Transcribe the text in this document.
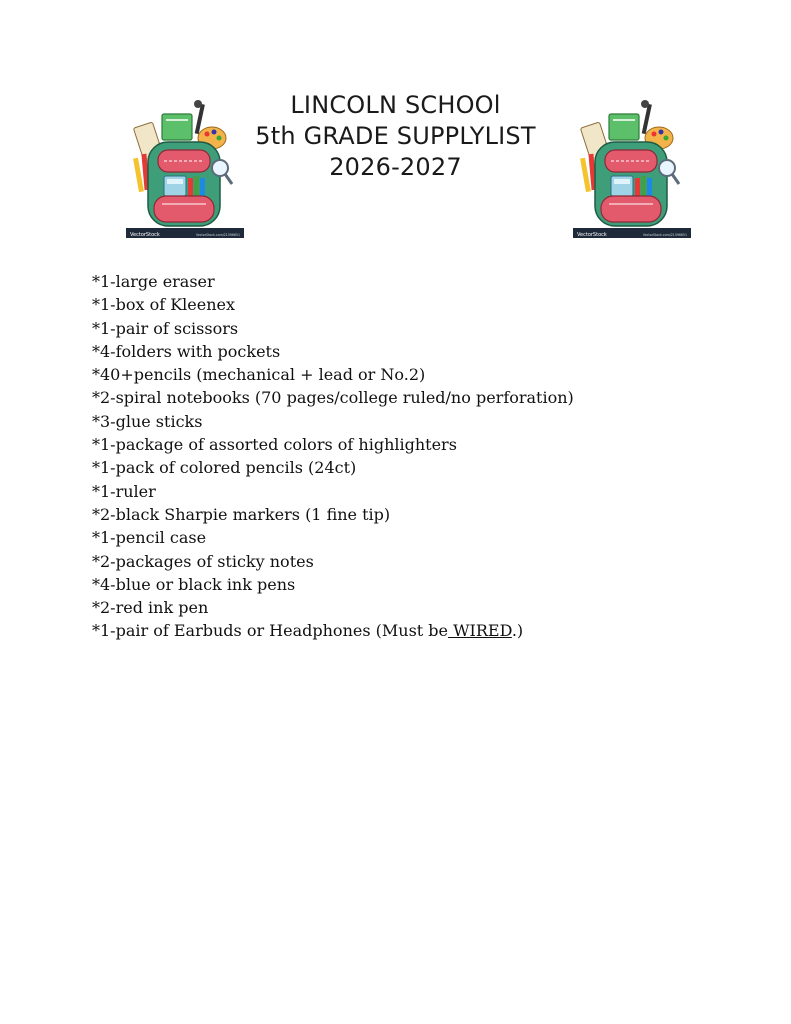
LINCOLN SCHOOl
5th GRADE SUPPLYLIST
2026-2027
VectorStock	VectorStock.com/21596651	VectorStock	VectorStock.com/21596651
*1-large eraser
*1-box of Kleenex
*1-pair of scissors
*4-folders with pockets
*40+pencils (mechanical + lead or No.2)
*2-spiral notebooks (70 pages/college ruled/no perforation)
*3-glue sticks
*1-package of assorted colors of highlighters
*1-pack of colored pencils (24ct)
*1-ruler
*2-black Sharpie markers (1 fine tip)
*1-pencil case
*2-packages of sticky notes
*4-blue or black ink pens
*2-red ink pen
*1-pair of Earbuds or Headphones (Must be WIRED.)
